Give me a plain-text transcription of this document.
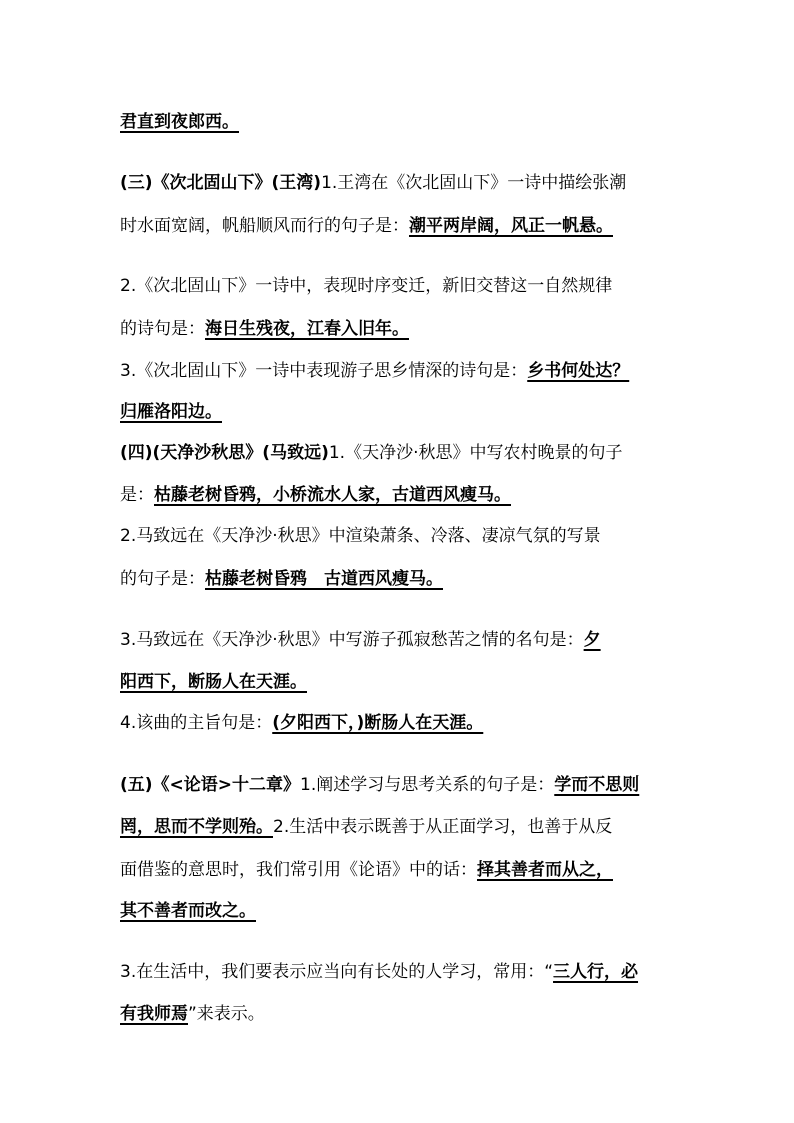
君直到夜郎西。
(三)《次北固山下》(王湾)1.王湾在《次北固山下》一诗中描绘张潮
时水面宽阔，帆船顺风而行的句子是：潮平两岸阔，风正一帆悬。
2.《次北固山下》一诗中，表现时序变迁，新旧交替这一自然规律
的诗句是：海日生残夜，江春入旧年。
3.《次北固山下》一诗中表现游子思乡情深的诗句是：乡书何处达？
归雁洛阳边。
(四)(天净沙秋思》(马致远)1.《天净沙·秋思》中写农村晚景的句子
是：枯藤老树昏鸦，小桥流水人家，古道西风瘦马。
2.马致远在《天净沙·秋思》中渲染萧条、冷落、凄凉气氛的写景
的句子是：枯藤老树昏鸦　古道西风瘦马。
3.马致远在《天净沙·秋思》中写游子孤寂愁苦之情的名句是：夕
阳西下，断肠人在天涯。
4.该曲的主旨句是：(夕阳西下，)断肠人在天涯。
(五)《<论语>十二章》1.阐述学习与思考关系的句子是：学而不思则
罔，思而不学则殆。2.生活中表示既善于从正面学习，也善于从反
面借鉴的意思时，我们常引用《论语》中的话：择其善者而从之，
其不善者而改之。
3.在生活中，我们要表示应当向有长处的人学习，常用：“三人行，必
有我师焉”来表示。
